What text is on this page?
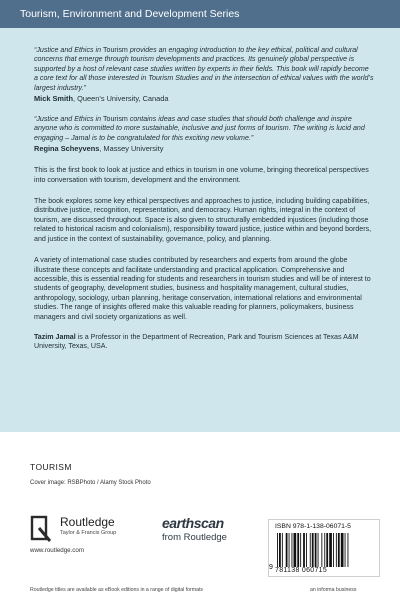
Tourism, Environment and Development Series
“Justice and Ethics in Tourism provides an engaging introduction to the key ethical, political and cultural concerns that emerge through tourism developments and practices. Its genuinely global perspective is supported by a host of relevant case studies written by experts in their fields. This book will rapidly become a core text for all those interested in Tourism Studies and in the intersection of ethical values with the world’s largest industry.”
Mick Smith, Queen’s University, Canada
“Justice and Ethics in Tourism contains ideas and case studies that should both challenge and inspire anyone who is committed to more sustainable, inclusive and just forms of tourism. The writing is lucid and engaging – Jamal is to be congratulated for this exciting new volume.”
Regina Scheyvens, Massey University

This is the first book to look at justice and ethics in tourism in one volume, bringing theoretical perspectives into conversation with tourism, development and the environment.

The book explores some key ethical perspectives and approaches to justice, including building capabilities, distributive justice, recognition, representation, and democracy. Human rights, integral in the context of tourism, are discussed throughout. Space is also given to structurally embedded injustices (including those related to historical racism and colonialism), responsibility toward justice, justice within and beyond borders, and justice in the context of sustainability, governance, policy, and planning.

A variety of international case studies contributed by researchers and experts from around the globe illustrate these concepts and facilitate understanding and practical application. Comprehensive and accessible, this is essential reading for students and researchers in tourism studies and will be of interest to students of geography, development studies, business and hospitality management, cultural studies, anthropology, sociology, urban planning, heritage conservation, international relations and environmental studies. The range of insights offered make this valuable reading for planners, policymakers, business managers and civil society organizations as well.

Tazim Jamal is a Professor in the Department of Recreation, Park and Tourism Sciences at Texas A&M University, Texas, USA.

TOURISM
Cover image: RSBPhoto / Alamy Stock Photo
Routledge
Taylor & Francis Group
www.routledge.com
earthscan
from Routledge
ISBN 978-1-138-06071-5
9 781138 060715
Routledge titles are available as eBook editions in a range of digital formats	an informa business
